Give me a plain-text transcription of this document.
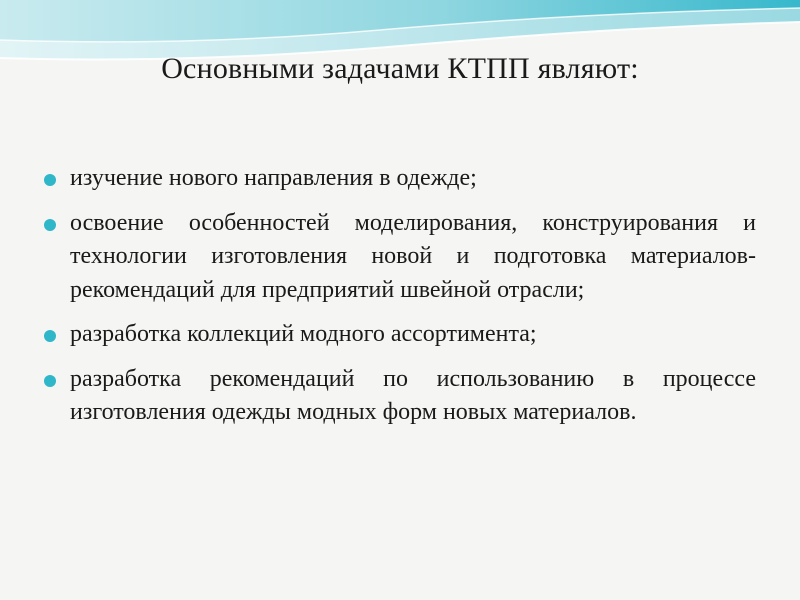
Основными задачами КТПП являют:
изучение нового направления в одежде;
освоение особенностей моделирования, конструирования и технологии изготовления новой и подготовка материалов-рекомендаций для предприятий швейной отрасли;
разработка коллекций модного ассортимента;
разработка рекомендаций по использованию в процессе изготовления одежды модных форм новых материалов.
